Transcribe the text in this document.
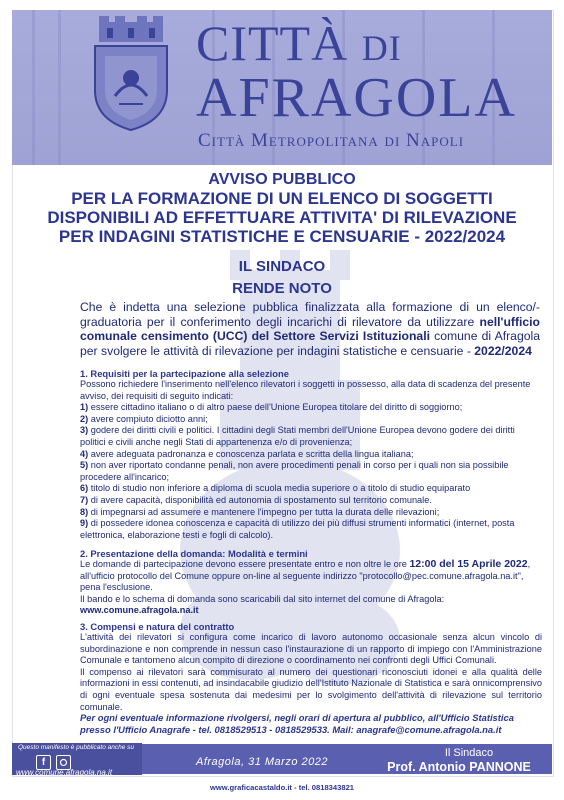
CITTÀ DI
AFRAGOLA
Città Metropolitana di Napoli
AVVISO PUBBLICO
PER LA FORMAZIONE DI UN ELENCO DI SOGGETTI
DISPONIBILI AD EFFETTUARE ATTIVITA' DI RILEVAZIONE
PER INDAGINI STATISTICHE E CENSUARIE - 2022/2024
IL SINDACO
RENDE NOTO
Che è indetta una selezione pubblica finalizzata alla formazione di un elenco/-graduatoria per il conferimento degli incarichi di rilevatore da utilizzare nell'ufficio comunale censimento (UCC) del Settore Servizi Istituzionali comune di Afragola per svolgere le attività di rilevazione per indagini statistiche e censuarie - 2022/2024

1. Requisiti per la partecipazione alla selezione

Possono richiedere l'inserimento nell'elenco rilevatori i soggetti in possesso, alla data di scadenza del presente avviso, dei requisiti di seguito indicati:

1) essere cittadino italiano o di altro paese dell'Unione Europea titolare del diritto di soggiorno;

2) avere compiuto diciotto anni;

3) godere dei diritti civili e politici. I cittadini degli Stati membri dell'Unione Europea devono godere dei diritti politici e civili anche negli Stati di appartenenza e/o di provenienza;

4) avere adeguata padronanza e conoscenza parlata e scritta della lingua italiana;

5) non aver riportato condanne penali, non avere procedimenti penali in corso per i quali non sia possibile procedere all'incarico;

6) titolo di studio non inferiore a diploma di scuola media superiore o a titolo di studio equiparato

7) di avere capacità, disponibilità ed autonomia di spostamento sul territorio comunale.

8) di impegnarsi ad assumere e mantenere l'impegno per tutta la durata delle rilevazioni;

9) di possedere idonea conoscenza e capacità di utilizzo dei più diffusi strumenti informatici (internet, posta elettronica, elaborazione testi e fogli di calcolo).

2. Presentazione della domanda: Modalità e termini

Le domande di partecipazione devono essere presentate entro e non oltre le ore 12:00 del 15 Aprile 2022, all'ufficio protocollo del Comune oppure on-line al seguente indirizzo "protocollo@pec.comune.afragola.na.it", pena l'esclusione.

Il bando e lo schema di domanda sono scaricabili dal sito internet del comune di Afragola: www.comune.afragola.na.it

3. Compensi e natura del contratto

L'attività dei rilevatori si configura come incarico di lavoro autonomo occasionale senza alcun vincolo di subordinazione e non comprende in nessun caso l'instaurazione di un rapporto di impiego con l'Amministrazione Comunale e tantomeno alcun compito di direzione o coordinamento nei confronti degli Uffici Comunali.

Il compenso ai rilevatori sarà commisurato al numero dei questionari riconosciuti idonei e alla qualità delle informazioni in essi contenuti, ad insindacabile giudizio dell'Istituto Nazionale di Statistica e sarà onnicomprensivo di ogni eventuale spesa sostenuta dai medesimi per lo svolgimento dell'attività di rilevazione sul territorio comunale.

Per ogni eventuale informazione rivolgersi, negli orari di apertura al pubblico, all'Ufficio Statistica presso l'Ufficio Anagrafe - tel. 0818529513 - 0818529533. Mail: anagrafe@comune.afragola.na.it
Questo manifesto è pubblicato anche su
f
www.comune.afragola.na.it
Afragola, 31 Marzo 2022
Il Sindaco
Prof. Antonio PANNONE
www.graficacastaldo.it - tel. 0818343821
